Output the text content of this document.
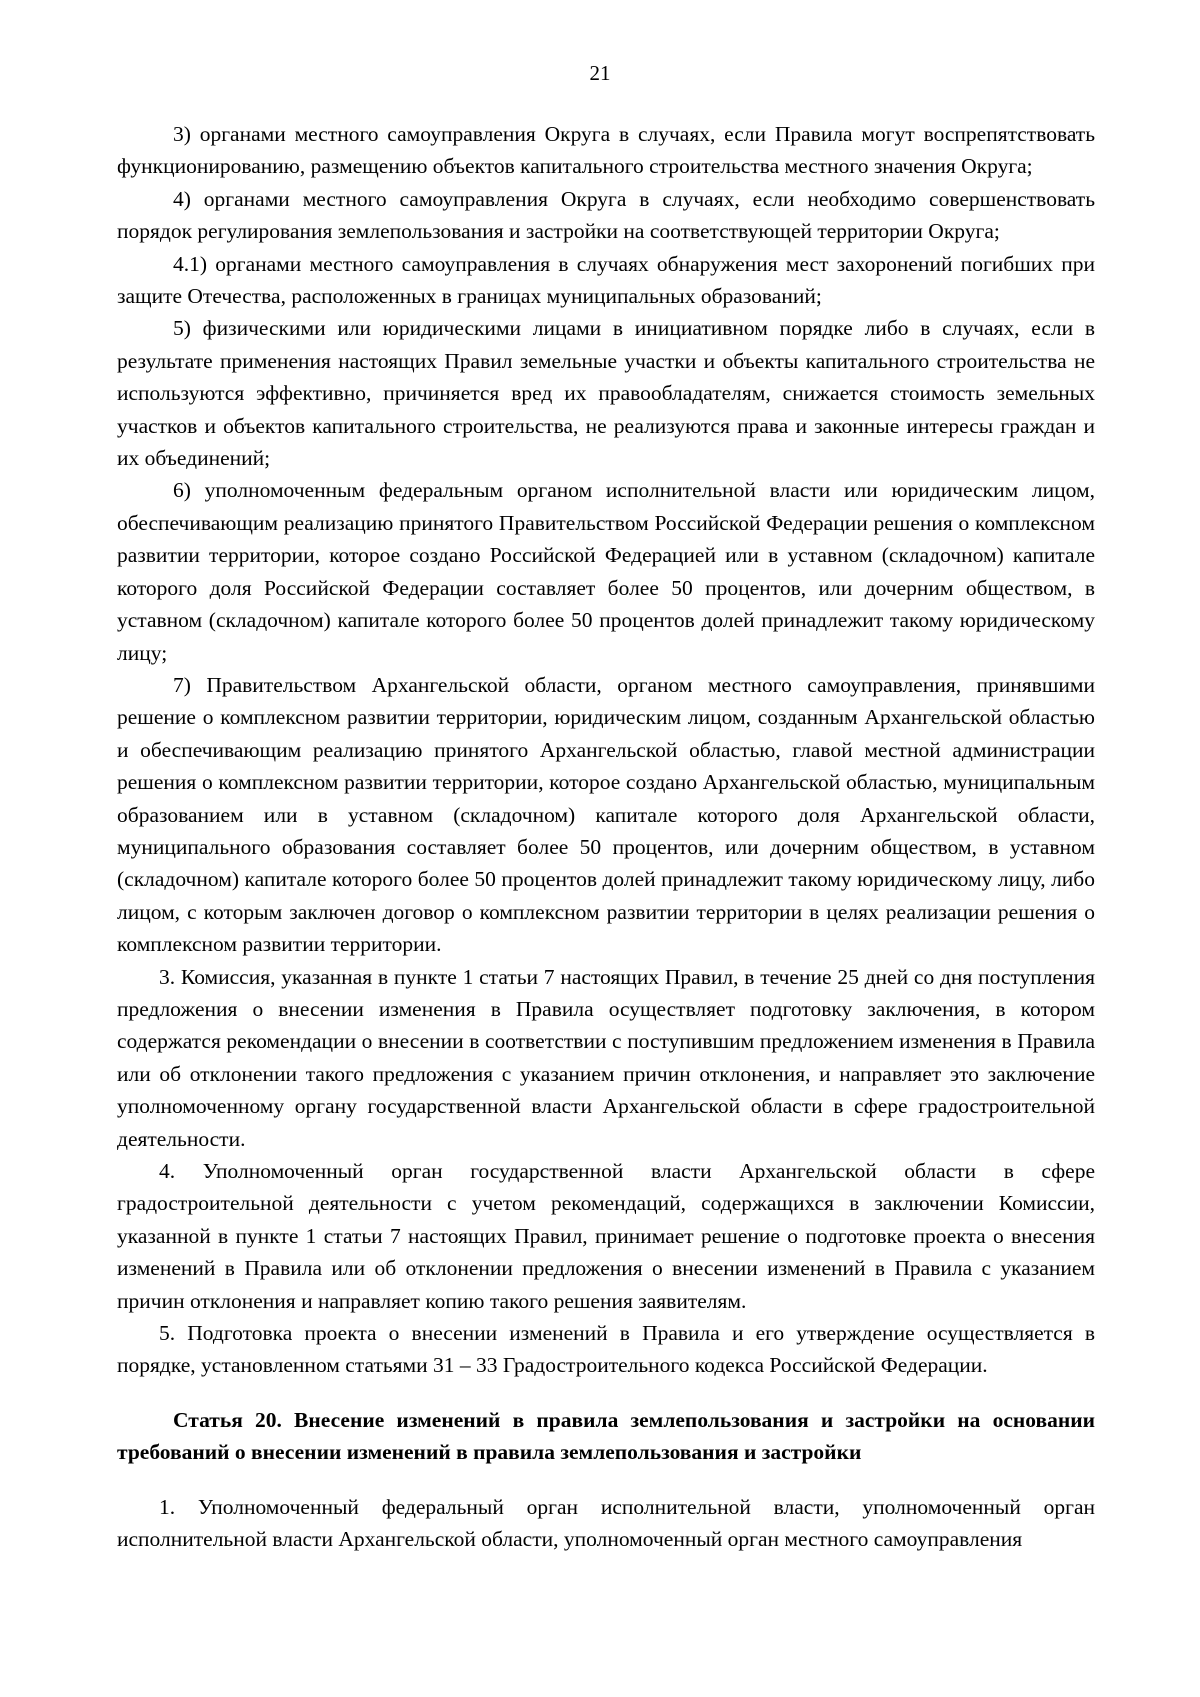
21

3) органами местного самоуправления Округа в случаях, если Правила могут воспрепятствовать функционированию, размещению объектов капитального строительства местного значения Округа;

4) органами местного самоуправления Округа в случаях, если необходимо совершенствовать порядок регулирования землепользования и застройки на соответствующей территории Округа;

4.1) органами местного самоуправления в случаях обнаружения мест захоронений погибших при защите Отечества, расположенных в границах муниципальных образований;

5) физическими или юридическими лицами в инициативном порядке либо в случаях, если в результате применения настоящих Правил земельные участки и объекты капитального строительства не используются эффективно, причиняется вред их правообладателям, снижается стоимость земельных участков и объектов капитального строительства, не реализуются права и законные интересы граждан и их объединений;

6) уполномоченным федеральным органом исполнительной власти или юридическим лицом, обеспечивающим реализацию принятого Правительством Российской Федерации решения о комплексном развитии территории, которое создано Российской Федерацией или в уставном (складочном) капитале которого доля Российской Федерации составляет более 50 процентов, или дочерним обществом, в уставном (складочном) капитале которого более 50 процентов долей принадлежит такому юридическому лицу;

7) Правительством Архангельской области, органом местного самоуправления, принявшими решение о комплексном развитии территории, юридическим лицом, созданным Архангельской областью и обеспечивающим реализацию принятого Архангельской областью, главой местной администрации решения о комплексном развитии территории, которое создано Архангельской областью, муниципальным образованием или в уставном (складочном) капитале которого доля Архангельской области, муниципального образования составляет более 50 процентов, или дочерним обществом, в уставном (складочном) капитале которого более 50 процентов долей принадлежит такому юридическому лицу, либо лицом, с которым заключен договор о комплексном развитии территории в целях реализации решения о комплексном развитии территории.

3. Комиссия, указанная в пункте 1 статьи 7 настоящих Правил, в течение 25 дней со дня поступления предложения о внесении изменения в Правила осуществляет подготовку заключения, в котором содержатся рекомендации о внесении в соответствии с поступившим предложением изменения в Правила или об отклонении такого предложения с указанием причин отклонения, и направляет это заключение уполномоченному органу государственной власти Архангельской области в сфере градостроительной деятельности.

4. Уполномоченный орган государственной власти Архангельской области в сфере градостроительной деятельности с учетом рекомендаций, содержащихся в заключении Комиссии, указанной в пункте 1 статьи 7 настоящих Правил, принимает решение о подготовке проекта о внесения изменений в Правила или об отклонении предложения о внесении изменений в Правила с указанием причин отклонения и направляет копию такого решения заявителям.

5. Подготовка проекта о внесении изменений в Правила и его утверждение осуществляется в порядке, установленном статьями 31 – 33 Градостроительного кодекса Российской Федерации.

Статья 20. Внесение изменений в правила землепользования и застройки на основании требований о внесении изменений в правила землепользования и застройки

1. Уполномоченный федеральный орган исполнительной власти, уполномоченный орган исполнительной власти Архангельской области, уполномоченный орган местного самоуправления
